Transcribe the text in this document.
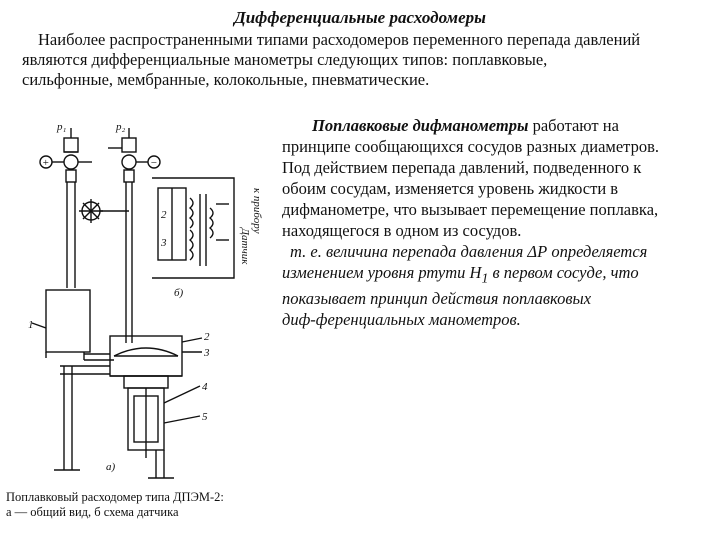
Дифференциальные расходомеры
Наиболее распространенными типами расходомеров переменного перепада давлений
являются дифференциальные манометры следующих типов: поплавковые,
сильфонные, мембранные, колокольные, пневматические.
Поплавковые дифманометры работают на
принципе сообщающихся сосудов разных диаметров.
Под действием перепада давлений, подведенного к
обоим сосудам, изменяется уровень жидкости в
дифманометре, что вызывает перемещение поплавка,
находящегося в одном из сосудов.
т. е. величина перепада давления ΔР определяется
изменением уровня ртути $Н_1$ в первом сосуде, что
показывает принцип действия поплавковых
диф-ференциальных манометров.
p₁	p₂
+	−
1
2
3
4
5
2
3
а)
б)
Датчик
к прибору
Поплавковый расходомер типа ДПЭМ-2:
а — общий вид, б схема датчика
